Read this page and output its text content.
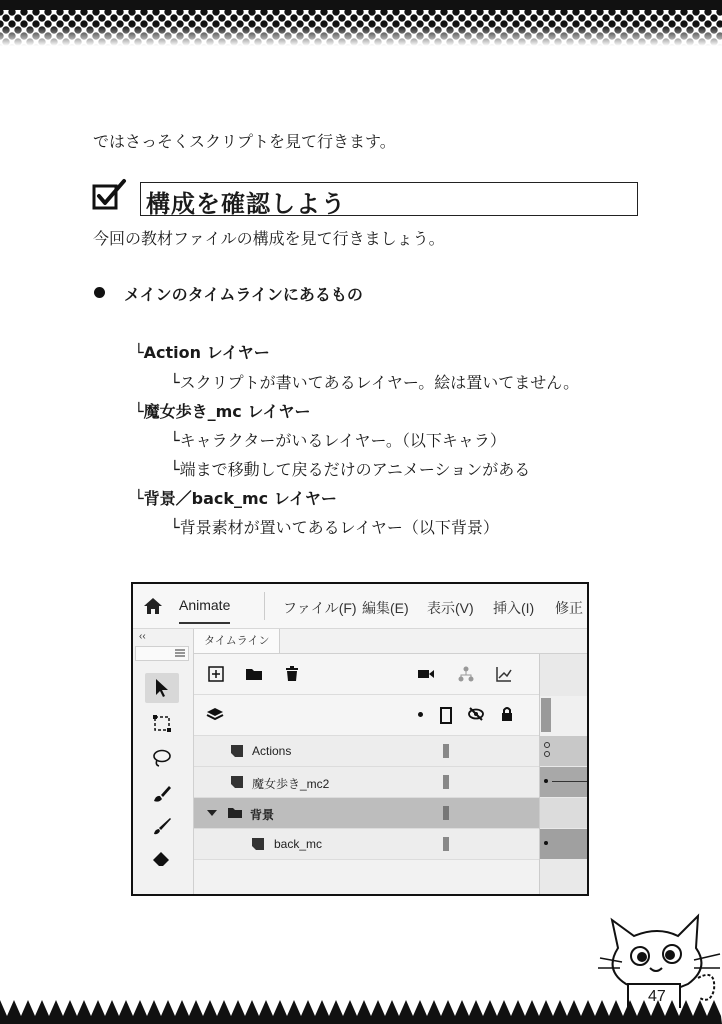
ではさっそくスクリプトを見て行きます。
構成を確認しよう
今回の教材ファイルの構成を見て行きましょう。
メインのタイムラインにあるもの
└Action レイヤー
└スクリプトが書いてあるレイヤー。絵は置いてません。
└魔女歩き_mc レイヤー
└キャラクターがいるレイヤー。（以下キャラ）
└端まで移動して戻るだけのアニメーションがある
└背景／back_mc レイヤー
└背景素材が置いてあるレイヤー（以下背景）
Animate	ファイル(F) 編集(E) 表示(V) 挿入(I) 修正
‹‹	タイムライン
Actions
魔女歩き_mc2
背景
back_mc
47
